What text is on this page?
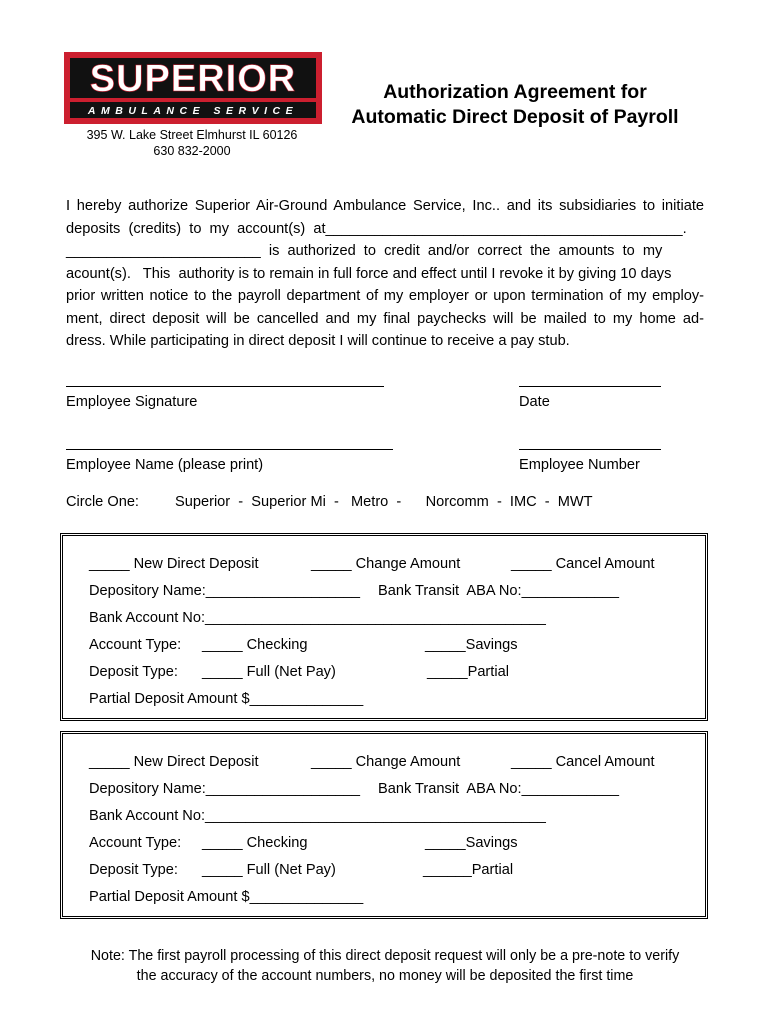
SUPERIOR
AMBULANCE SERVICE
395 W. Lake Street Elmhurst IL 60126
630 832-2000
Authorization Agreement for
Automatic Direct Deposit of Payroll
I hereby authorize Superior Air-Ground Ambulance Service, Inc.. and its subsidiaries to initiate
deposits  (credits)  to  my  account(s)  at____________________________________________.
________________________  is  authorized  to  credit  and/or  correct  the  amounts  to  my
acount(s).   This  authority is to remain in full force and effect until I revoke it by giving 10 days
prior written notice to the payroll department of my employer or upon termination of my employ-
ment, direct deposit will be cancelled and my final paychecks will be mailed to my home ad-
dress. While participating in direct deposit I will continue to receive a pay stub.
Employee Signature	Date
Employee Name (please print)	Employee Number
Circle One: Superior  -  Superior Mi  -   Metro  -      Norcomm  -  IMC  -  MWT
_____ New Direct Deposit	_____ Change Amount	_____ Cancel Amount
Depository Name:___________________ Bank Transit  ABA No:____________
Bank Account No:__________________________________________
Account Type: _____ Checking	_____Savings
Deposit Type: _____ Full (Net Pay)	_____Partial
Partial Deposit Amount $______________
_____ New Direct Deposit	_____ Change Amount	_____ Cancel Amount
Depository Name:___________________ Bank Transit  ABA No:____________
Bank Account No:__________________________________________
Account Type: _____ Checking	_____Savings
Deposit Type: _____ Full (Net Pay)	______Partial
Partial Deposit Amount $______________
Note: The first payroll processing of this direct deposit request will only be a pre-note to verify
the accuracy of the account numbers, no money will be deposited the first time
